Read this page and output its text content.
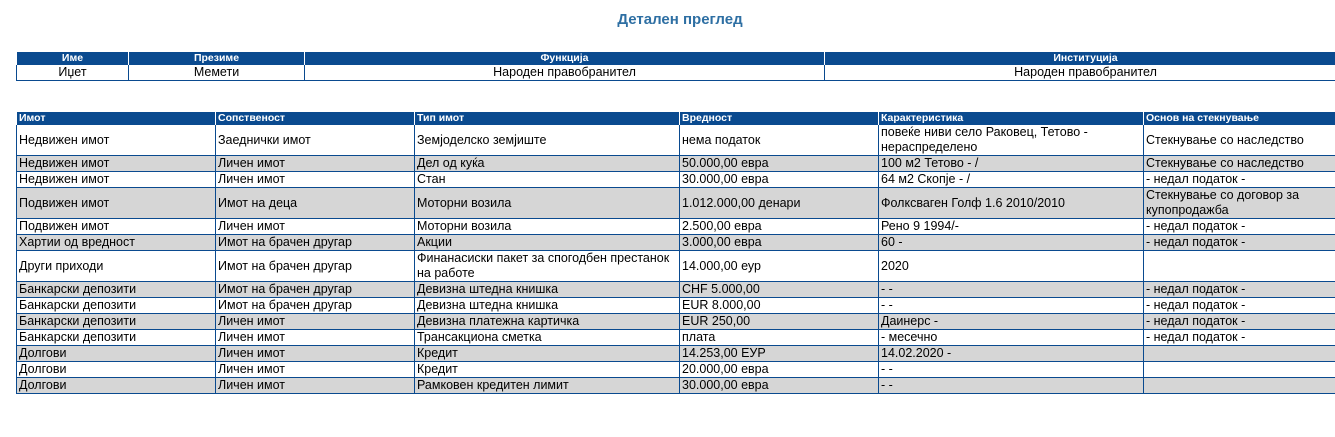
Детален преглед
Име	Презиме	Функција	Институција
Иџет	Мемети	Народен правобранител	Народен правобранител
Имот	Сопственост	Тип имот	Вредност	Карактеристика	Основ на стекнување
Недвижен имот	Заеднички имот	Земјоделско земјиште	нема податок	повеќе ниви село Раковец, Тетово - нераспределено	Стекнување со наследство
Недвижен имот	Личен имот	Дел од куќа	50.000,00 евра	100 м2 Тетово - /	Стекнување со наследство
Недвижен имот	Личен имот	Стан	30.000,00 евра	64 м2 Скопје - /	- недал податок -
Подвижен имот	Имот на деца	Моторни возила	1.012.000,00 денари	Фолксваген Голф 1.6 2010/2010	Стекнување со договор за купопродажба
Подвижен имот	Личен имот	Моторни возила	2.500,00 евра	Рено 9 1994/-	- недал податок -
Хартии од вредност	Имот на брачен другар	Акции	3.000,00 евра	60 -	- недал податок -
Други приходи	Имот на брачен другар	Финанасиски пакет за спогодбен престанок на работе	14.000,00 еур	2020	
Банкарски депозити	Имот на брачен другар	Девизна штедна книшка	CHF 5.000,00	- -	- недал податок -
Банкарски депозити	Имот на брачен другар	Девизна штедна книшка	EUR 8.000,00	- -	- недал податок -
Банкарски депозити	Личен имот	Девизна платежна картичка	EUR 250,00	Даинерс -	- недал податок -
Банкарски депозити	Личен имот	Трансакциона сметка	плата	- месечно	- недал податок -
Долгови	Личен имот	Кредит	14.253,00 ЕУР	14.02.2020 -	
Долгови	Личен имот	Кредит	20.000,00 евра	- -	
Долгови	Личен имот	Рамковен кредитен лимит	30.000,00 евра	- -	
